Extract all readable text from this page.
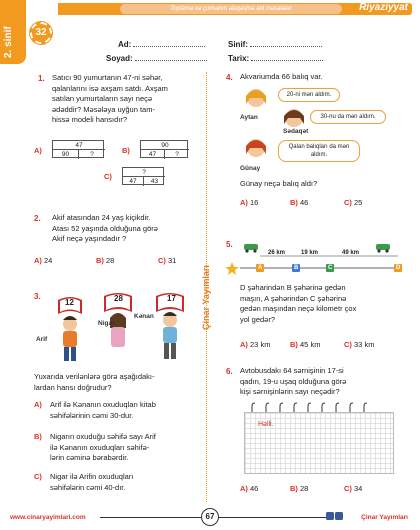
2. sinif
Toplama və çıxmanın əlaqəsinə aid məsələlər	Riyaziyyat
32
Ad:
Soyad:
Sinif:
Tarix:
Çinar Yayımları
1. Satıcı 90 yumurtanın 47-ni səhər,
qalanlarını isə axşam satdı. Axşam
satılan yumurtaların sayı neçə
ədəddir? Məsələya uyğun tam-
hissə modeli hansıdır?
A)
47
90	?	B)
90
47	?
C)	?
47	43
2. Akif atasından 24 yaş kiçikdir.
Atası 52 yaşında olduğuna görə
Akif neçə yaşındadır ?
A) 24	B) 28	C) 31
3.
12	28	17
Nigar
Kənan
Arif
Yuxarıda verilənlərə görə aşağıdakı-
lardan hansı doğrudur?
A) Arif ilə Kənanın oxuduqları kitab
səhifələrinin cəmi 30-dur.
B) Nigarın oxuduğu səhifə sayı Arif
ilə Kənanın oxuduqları səhifə-
lərin cəminə bərabərdir.
C) Nigar ilə Arifin oxuduqları
səhifələrin cəmi 40-dır.
4. Akvariumda 66 balıq var.
20-ni mən aldım.
Aytan	30-nu da mən aldım.
Sədaqət
Qalan balıqları da mən aldım.
Günay
Günay neçə balıq aldı?
A) 16	B) 46	C) 25
5.
26 km	19 km	49 km
A	B	C	D
D şəharindən B şəhərinə gedən
maşın, A şəhərindən C şəhərinə
gedən maşından neçə kilometr çox
yol gedər?
A) 23 km	B) 45 km	C) 33 km
6. Avtobusdakı 64 sərnişinin 17-si
qadın, 19-u uşaq olduğuna görə
kişi sərnişinlərin sayı neçədir?
Həlli.
A) 46	B) 28	C) 34
www.cinaryayimlari.com	67	Çinar Yayımları
